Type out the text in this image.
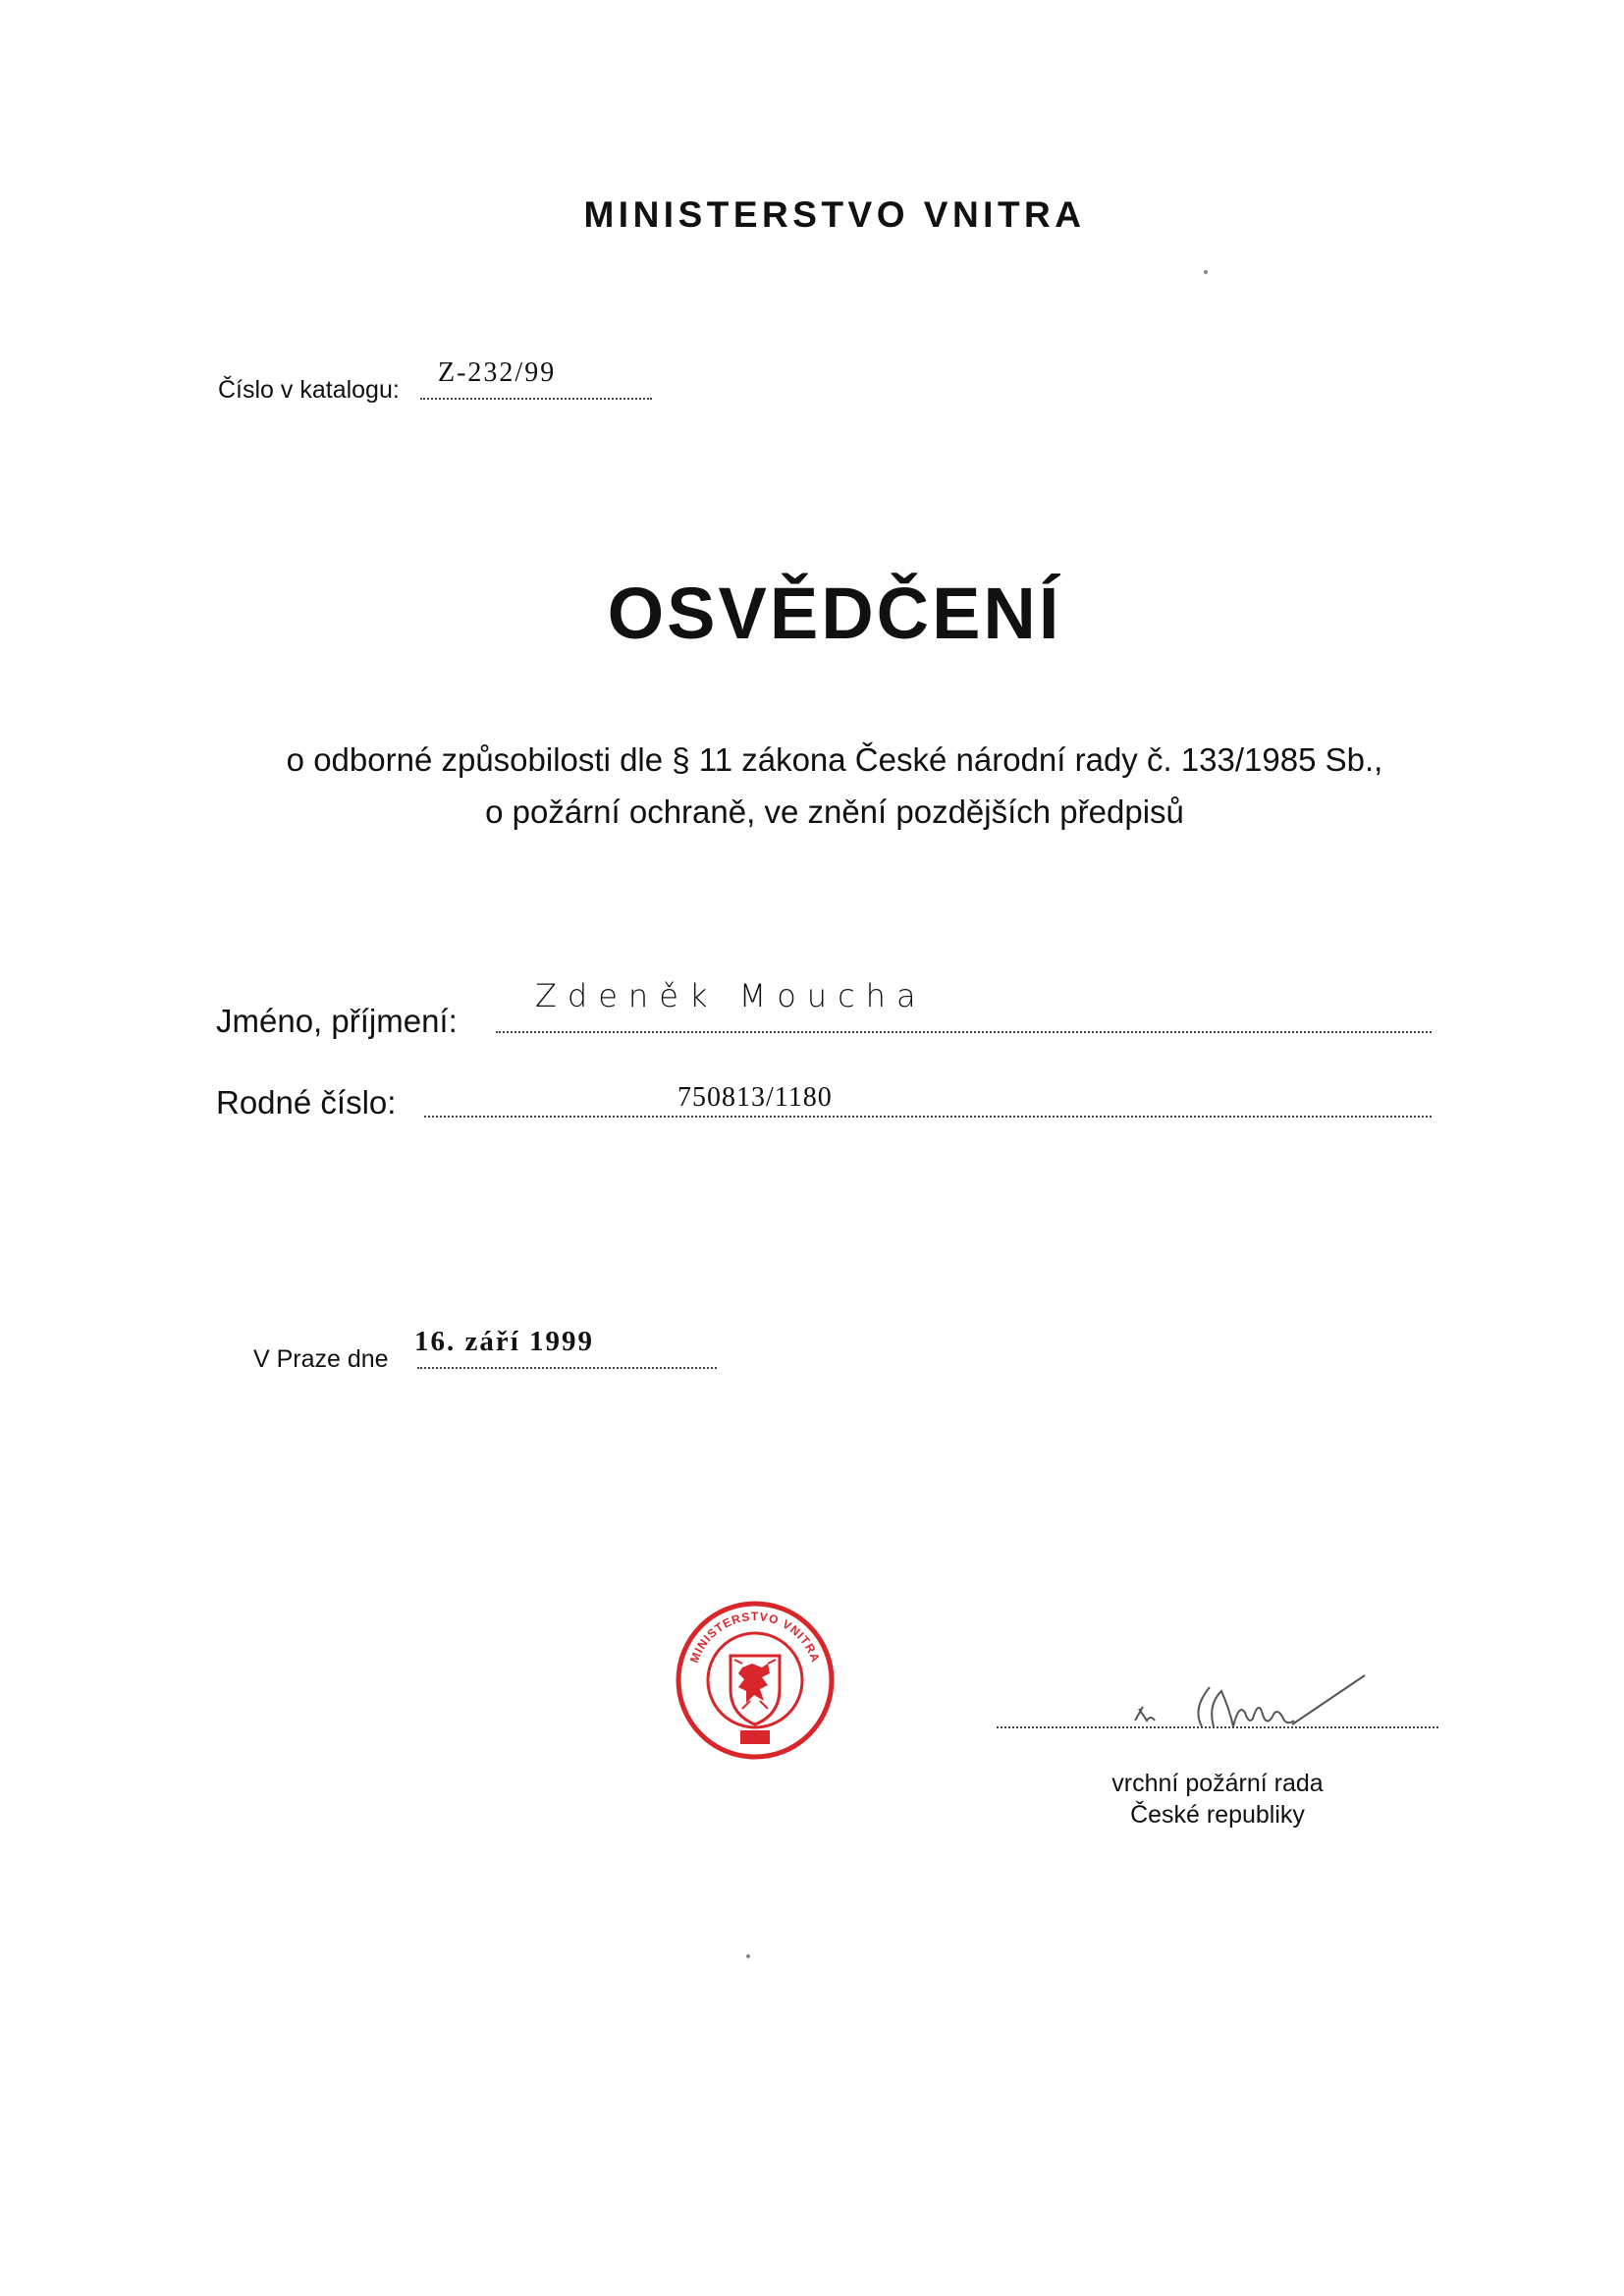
MINISTERSTVO VNITRA
Číslo v katalogu:
Z-232/99
OSVĚDČENÍ
o odborné způsobilosti dle § 11 zákona České národní rady č. 133/1985 Sb.,
o požární ochraně, ve znění pozdějších předpisů
Jméno, příjmení:
Zdeněk Moucha
Rodné číslo:	750813/1180
V Praze dne
16. září 1999
MINISTERSTVO VNITRA
vrchní požární rada
České republiky
